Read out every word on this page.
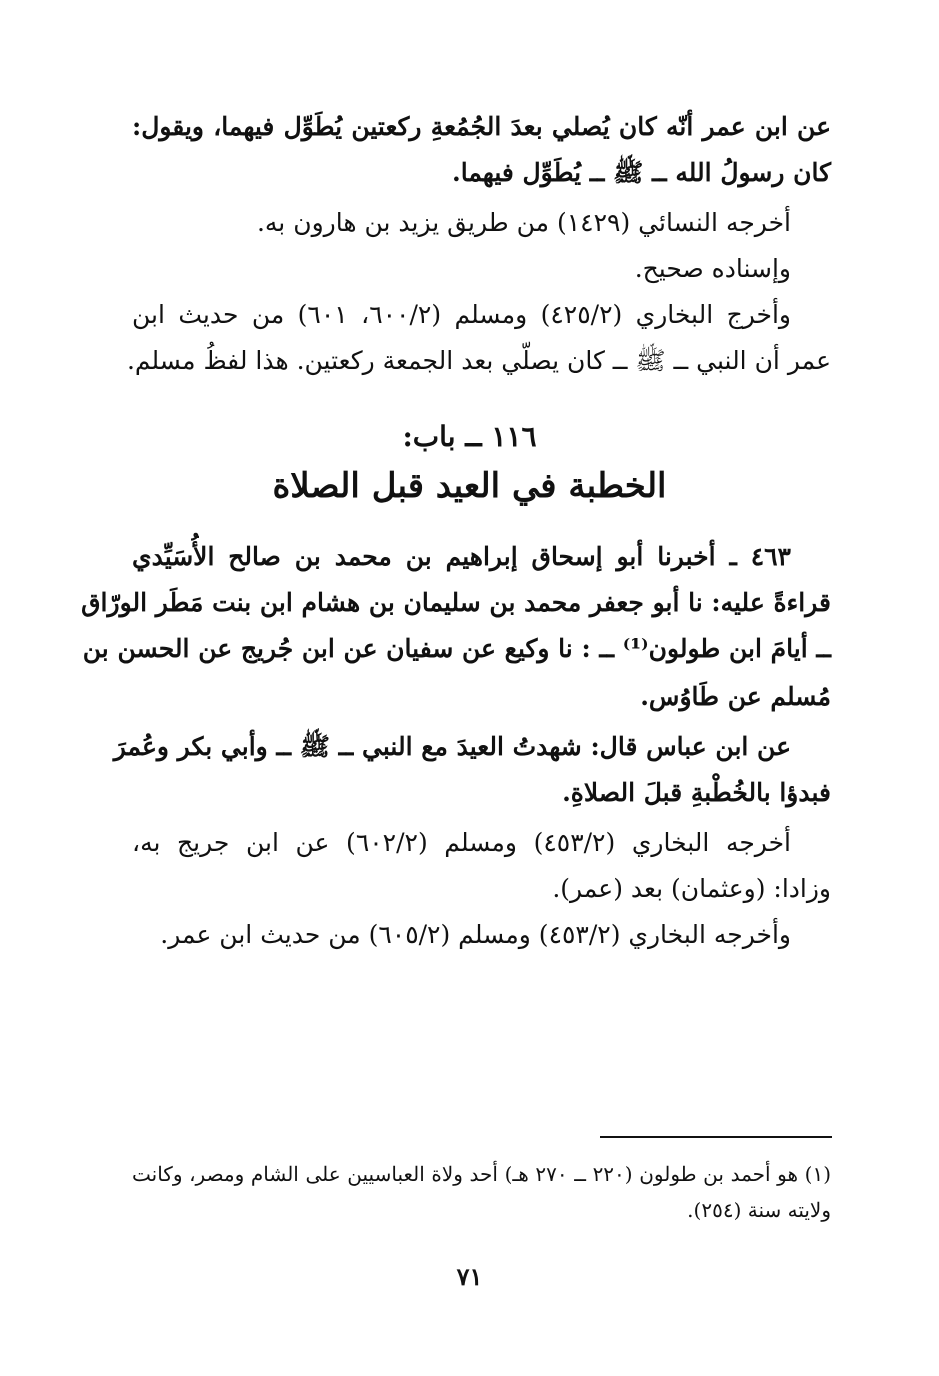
عن ابن عمر أنّه كان يُصلي بعدَ الجُمُعةِ ركعتين يُطَوِّل فيهما، ويقول:
كان رسولُ الله ــ ﷺ ــ يُطَوِّل فيهما.
أخرجه النسائي (١٤٢٩) من طريق يزيد بن هارون به.
وإسناده صحيح.
وأخرج البخاري (٤٢٥/٢) ومسلم (٦٠٠/٢، ٦٠١) من حديث ابن
عمر أن النبي ــ ﷺ ــ كان يصلّي بعد الجمعة ركعتين. هذا لفظُ مسلم.
١١٦ ــ باب:
الخطبة في العيد قبل الصلاة
٤٦٣ ـ أخبرنا أبو إسحاق إبراهيم بن محمد بن صالح الأُسَيِّدي
قراءةً عليه: نا أبو جعفر محمد بن سليمان بن هشام ابن بنت مَطَر الورّاق
ــ أيامَ ابن طولون⁽¹⁾ ــ : نا وكيع عن سفيان عن ابن جُريج عن الحسن بن
مُسلم عن طَاوُس.
عن ابن عباس قال: شهدتُ العيدَ مع النبي ــ ﷺ ــ وأبي بكر وعُمرَ
فبدؤا بالخُطْبةِ قبلَ الصلاةِ.
أخرجه البخاري (٤٥٣/٢) ومسلم (٦٠٢/٢) عن ابن جريج به،
وزادا: (وعثمان) بعد (عمر).
وأخرجه البخاري (٤٥٣/٢) ومسلم (٦٠٥/٢) من حديث ابن عمر.
(١) هو أحمد بن طولون (٢٢٠ ــ ٢٧٠ هـ) أحد ولاة العباسيين على الشام ومصر، وكانت
ولايته سنة (٢٥٤).
٧١
